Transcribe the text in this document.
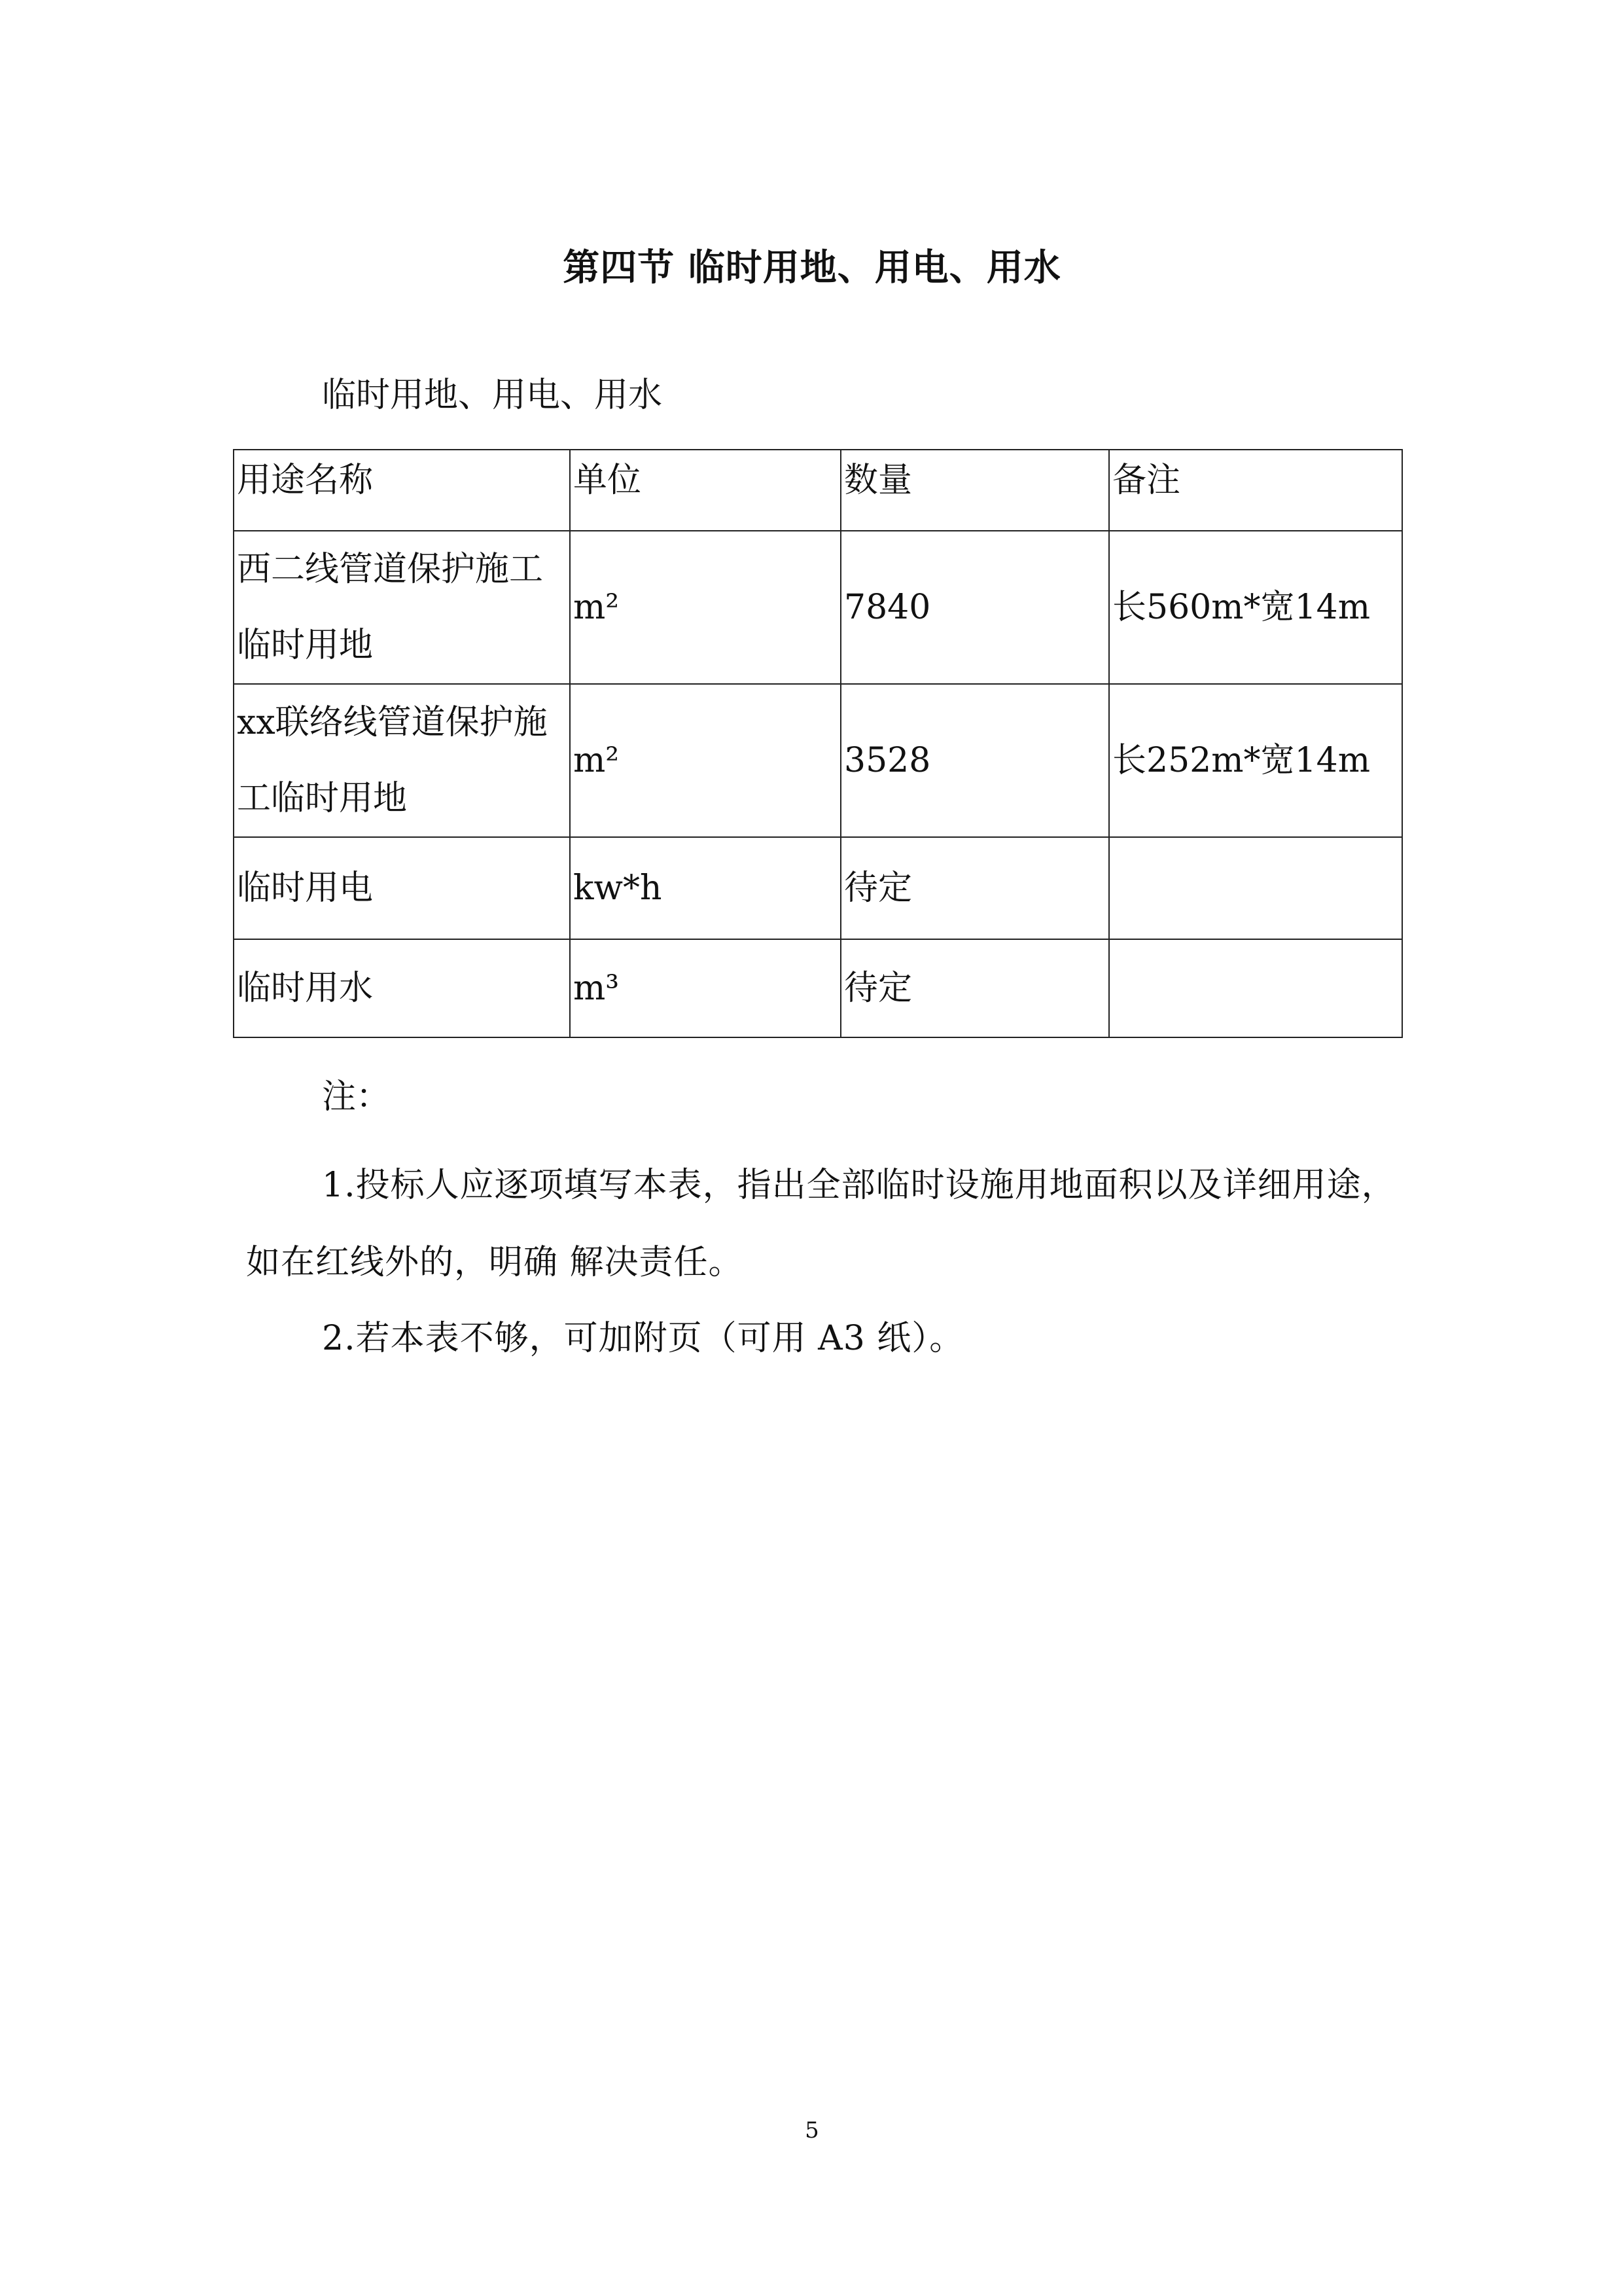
第四节 临时用地、用电、用水
临时用地、用电、用水
用途名称	单位	数量	备注
西二线管道保护施工临时用地	m²	7840	长560m*宽14m
xx联络线管道保护施工临时用地	m²	3528	长252m*宽14m
临时用电	kw*h	待定	
临时用水	m³	待定	
注：
1.投标人应逐项填写本表，指出全部临时设施用地面积以及详细用途，如在红线外的，明确 解决责任。
2.若本表不够，可加附页（可用 A3 纸）。
5
